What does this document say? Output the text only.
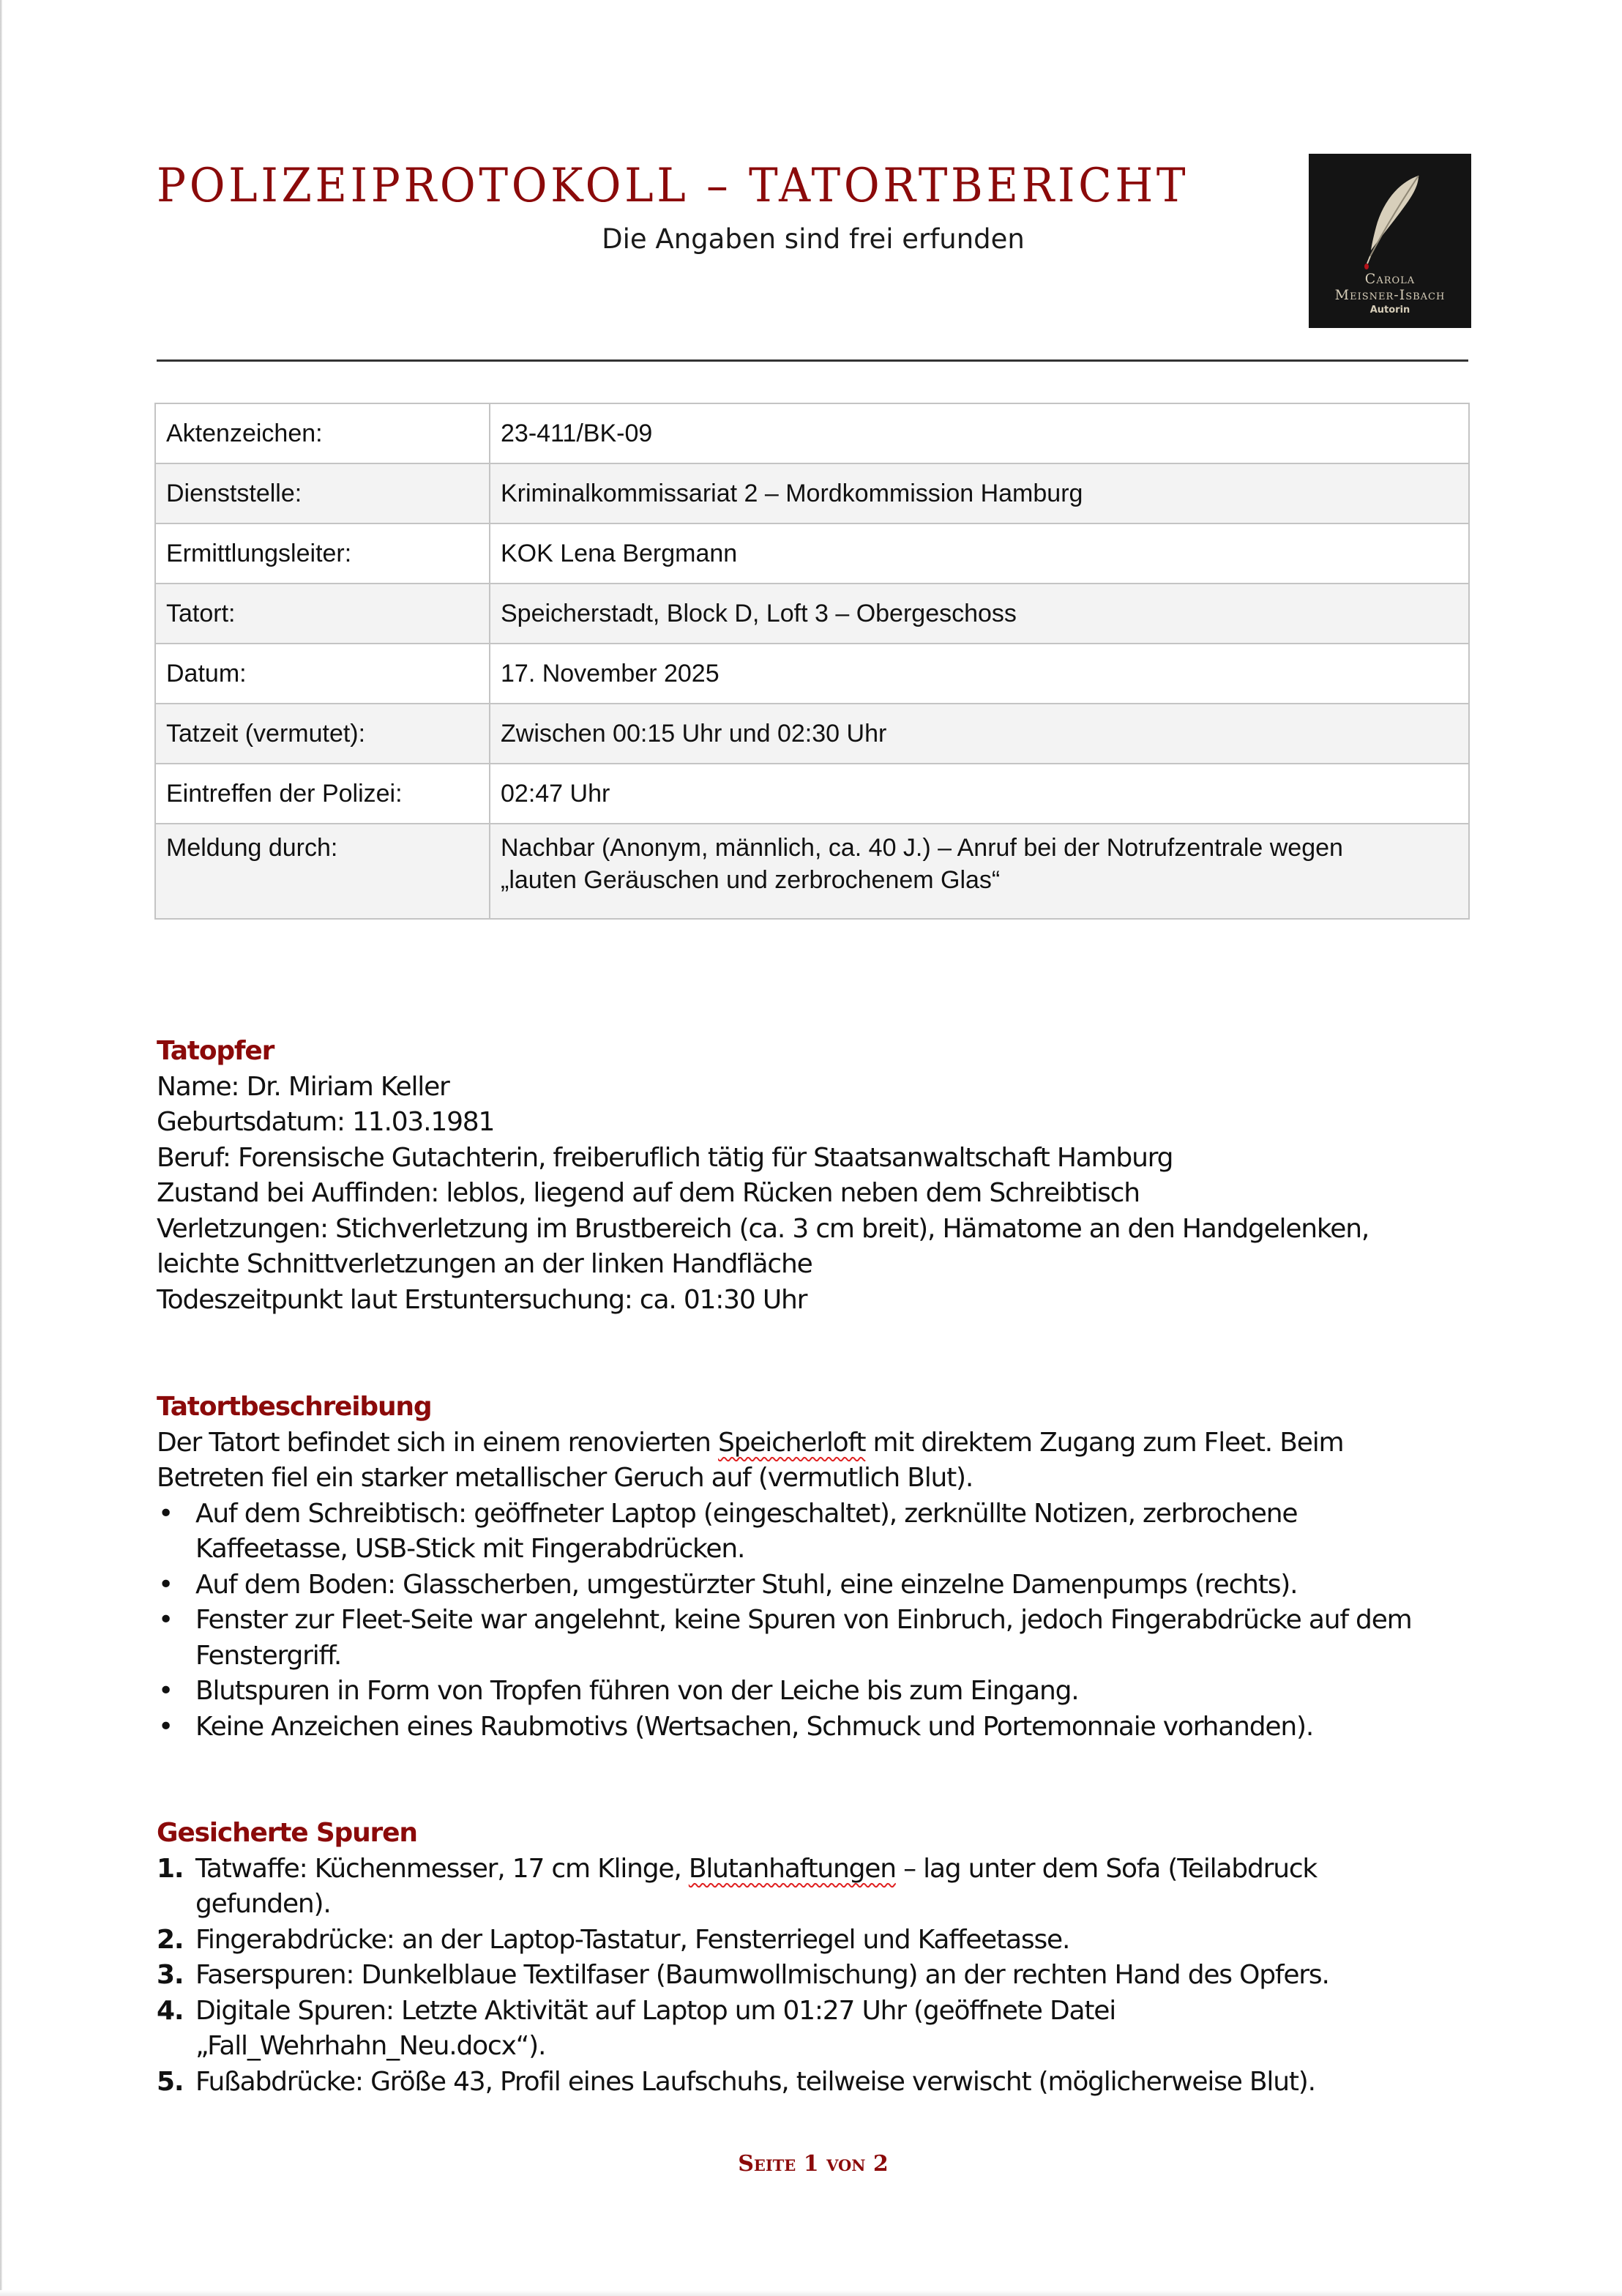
POLIZEIPROTOKOLL – TATORTBERICHT
Die Angaben sind frei erfunden
Carola
Meisner-Isbach
Autorin
Aktenzeichen:	23-411/BK-09
Dienststelle:	Kriminalkommissariat 2 – Mordkommission Hamburg
Ermittlungsleiter:	KOK Lena Bergmann
Tatort:	Speicherstadt, Block D, Loft 3 – Obergeschoss
Datum:	17. November 2025
Tatzeit (vermutet):	Zwischen 00:15 Uhr und 02:30 Uhr
Eintreffen der Polizei:	02:47 Uhr
Meldung durch:	Nachbar (Anonym, männlich, ca. 40 J.) – Anruf bei der Notrufzentrale wegen
„lauten Geräuschen und zerbrochenem Glas“
Tatopfer

Name: Dr. Miriam Keller

Geburtsdatum: 11.03.1981

Beruf: Forensische Gutachterin, freiberuflich tätig für Staatsanwaltschaft Hamburg

Zustand bei Auffinden: leblos, liegend auf dem Rücken neben dem Schreibtisch

Verletzungen: Stichverletzung im Brustbereich (ca. 3 cm breit), Hämatome an den Handgelenken, leichte Schnittverletzungen an der linken Handfläche

Todeszeitpunkt laut Erstuntersuchung: ca. 01:30 Uhr

Tatortbeschreibung

Der Tatort befindet sich in einem renovierten Speicherloft mit direktem Zugang zum Fleet. Beim Betreten fiel ein starker metallischer Geruch auf (vermutlich Blut).

• Auf dem Schreibtisch: geöffneter Laptop (eingeschaltet), zerknüllte Notizen, zerbrochene Kaffeetasse, USB-Stick mit Fingerabdrücken.
• Auf dem Boden: Glasscherben, umgestürzter Stuhl, eine einzelne Damenpumps (rechts).
• Fenster zur Fleet-Seite war angelehnt, keine Spuren von Einbruch, jedoch Fingerabdrücke auf dem Fenstergriff.
• Blutspuren in Form von Tropfen führen von der Leiche bis zum Eingang.
• Keine Anzeichen eines Raubmotivs (Wertsachen, Schmuck und Portemonnaie vorhanden).
Gesicherte Spuren
1. Tatwaffe: Küchenmesser, 17 cm Klinge, Blutanhaftungen – lag unter dem Sofa (Teilabdruck gefunden).
2. Fingerabdrücke: an der Laptop-Tastatur, Fensterriegel und Kaffeetasse.
3. Faserspuren: Dunkelblaue Textilfaser (Baumwollmischung) an der rechten Hand des Opfers.
4. Digitale Spuren: Letzte Aktivität auf Laptop um 01:27 Uhr (geöffnete Datei „Fall_Wehrhahn_Neu.docx“).
5. Fußabdrücke: Größe 43, Profil eines Laufschuhs, teilweise verwischt (möglicherweise Blut).
Seite 1 von 2
